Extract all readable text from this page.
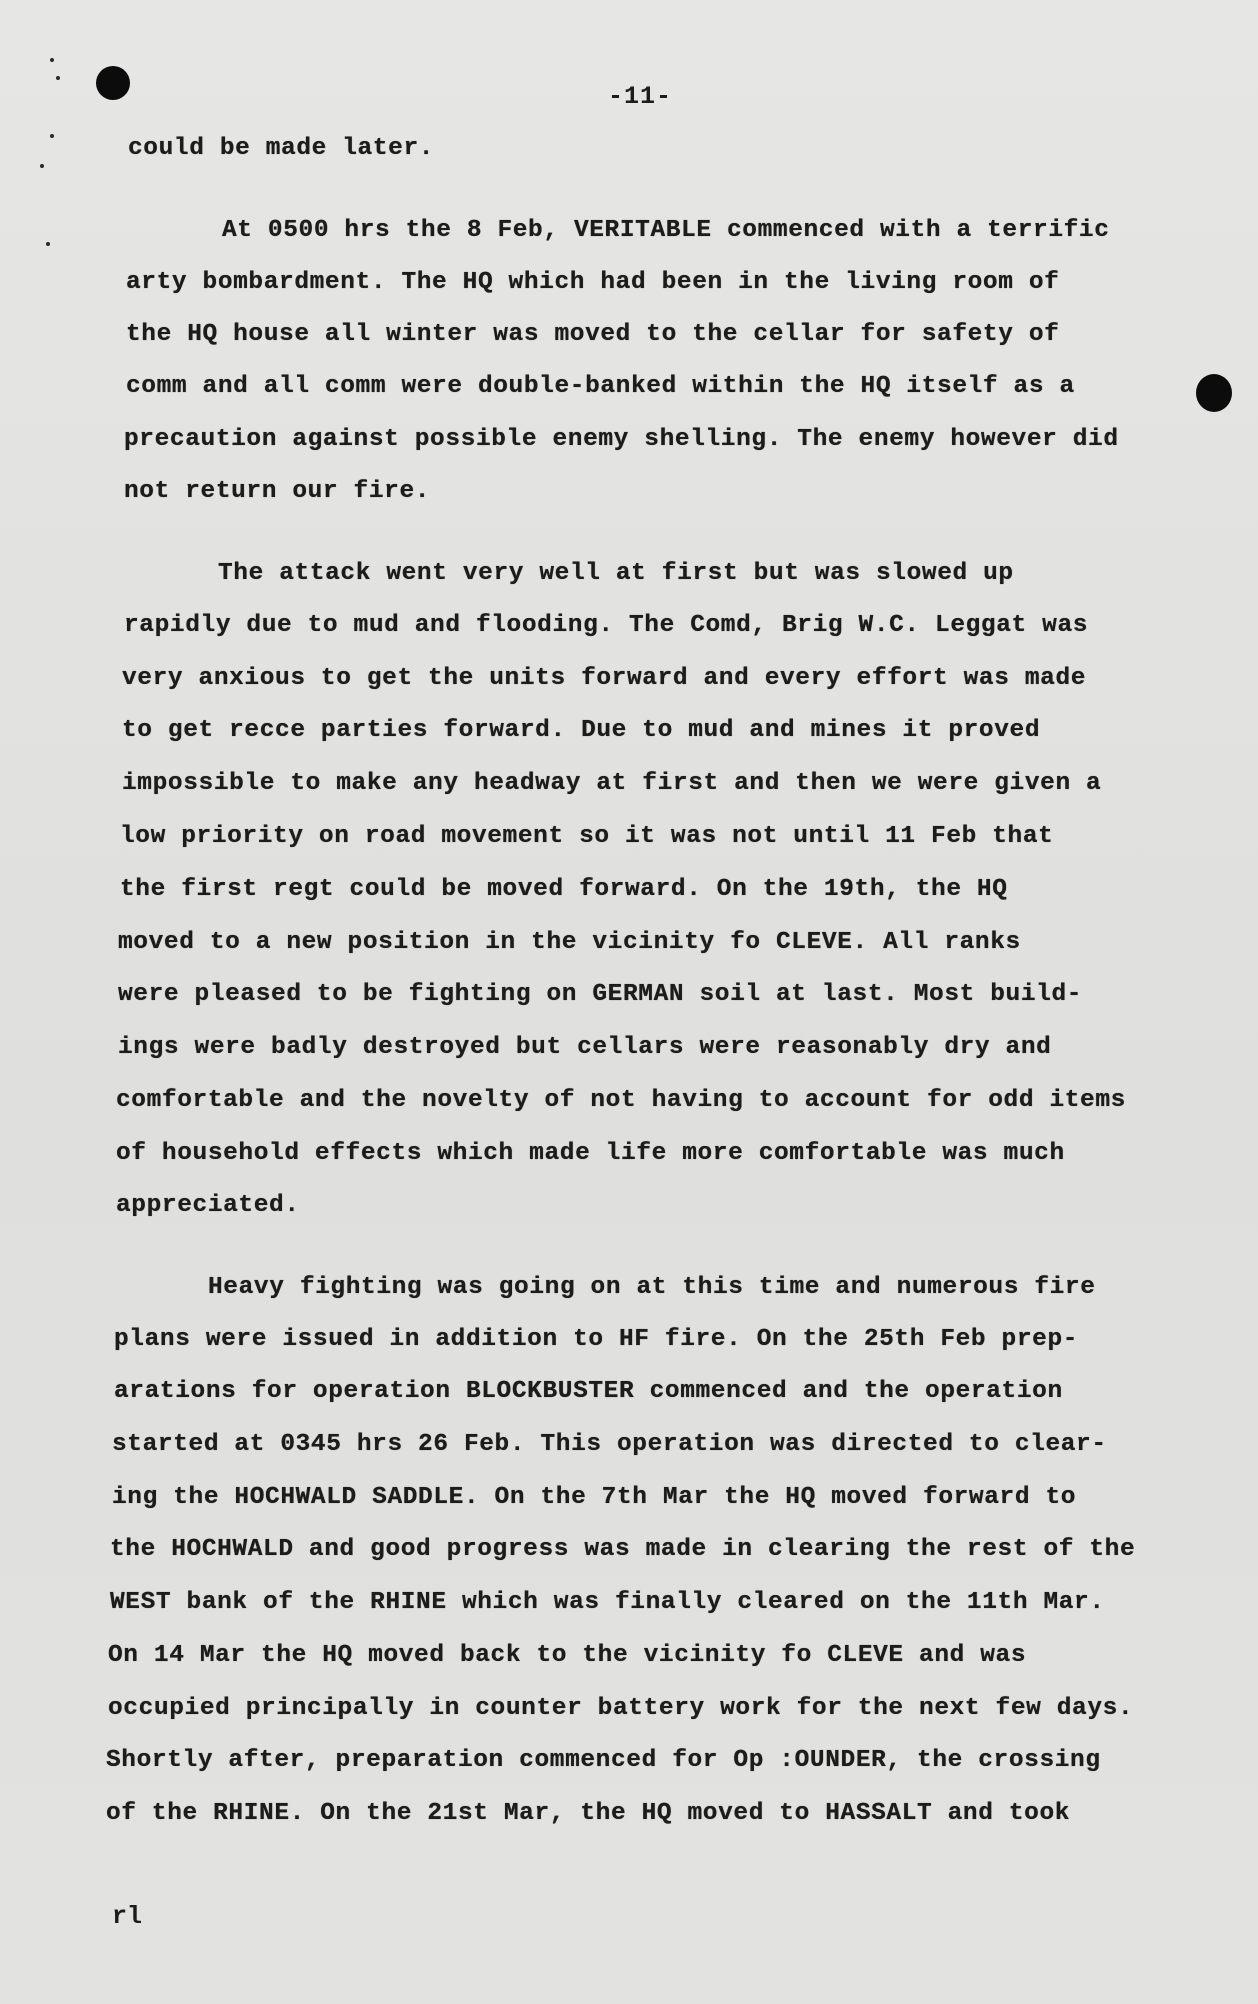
-11-
could be made later.
At 0500 hrs the 8 Feb, VERITABLE commenced with a terrific
arty bombardment. The HQ which had been in the living room of
the HQ house all winter was moved to the cellar for safety of
comm and all comm were double-banked within the HQ itself as a
precaution against possible enemy shelling. The enemy however did
not return our fire.
The attack went very well at first but was slowed up
rapidly due to mud and flooding. The Comd, Brig W.C. Leggat was
very anxious to get the units forward and every effort was made
to get recce parties forward. Due to mud and mines it proved
impossible to make any headway at first and then we were given a
low priority on road movement so it was not until 11 Feb that
the first regt could be moved forward. On the 19th, the HQ
moved to a new position in the vicinity fo CLEVE. All ranks
were pleased to be fighting on GERMAN soil at last. Most build-
ings were badly destroyed but cellars were reasonably dry and
comfortable and the novelty of not having to account for odd items
of household effects which made life more comfortable was much
appreciated.
Heavy fighting was going on at this time and numerous fire
plans were issued in addition to HF fire. On the 25th Feb prep-
arations for operation BLOCKBUSTER commenced and the operation
started at 0345 hrs 26 Feb. This operation was directed to clear-
ing the HOCHWALD SADDLE. On the 7th Mar the HQ moved forward to
the HOCHWALD and good progress was made in clearing the rest of the
WEST bank of the RHINE which was finally cleared on the 11th Mar.
On 14 Mar the HQ moved back to the vicinity fo CLEVE and was
occupied principally in counter battery work for the next few days.
Shortly after, preparation commenced for Op :OUNDER, the crossing
of the RHINE. On the 21st Mar, the HQ moved to HASSALT and took
rl
